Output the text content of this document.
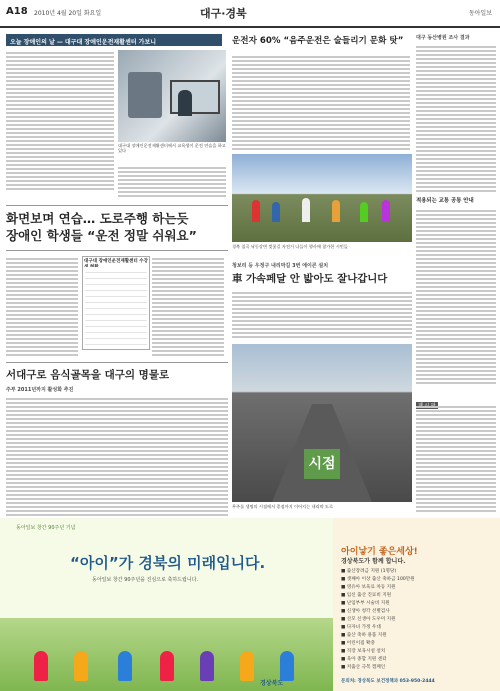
A18 2010년 4월 20일 화요일	대구·경북	동아일보
오늘 장애인의 날 — 대구대 장애인운전재활센터 가보니
대구대 장애인운전재활센터에서 교육생이 운전 연습을 하고 있다
화면보며 연습… 도로주행 하는듯
장애인 학생들 “운전 정말 쉬워요”
대구대 장애인운전재활센터 수강
서대구로 음식골목을 대구의 명물로
주부 2011년까지 활성화 추진
운전자 60% “음주운전은 술들리기 문화 탓”
경북 칠곡 낙동강변 벚꽃길 자전거 나들이 행사에 참가한 시민들
청보리 등 우정구 내리막길 3번 에이콘 설치
車 가속페달 안 밟아도 잘나갑니다
시점
무주를 생명의 시점에서 종점까지 이어지는 내리막 도로
대구 동산병원 조사 결과
적용되는 교통 공통 안내
동아일보 창간 90주년 기념
“아이”가 경북의 미래입니다.
동아일보 창간 90주년을 진심으로 축하드립니다.
경상북도
아이낳기 좋은세상!
경상북도가 함께 합니다.
■ 출산장려금 지원 (1명당)
■ 셋째아 이상 출산 축하금 100만원
■ 영유아 보육료 차등 지원
■ 임신 출산 진료비 지원
■ 난임부부 시술비 지원
■ 신생아 청각 선별검사
■ 산모 신생아 도우미 지원
■ 다자녀 가정 우대
■ 출산 축하 용품 지원
■ 어린이집 확충
■ 직장 보육시설 설치
■ 육아 종합 지원 센터
■ 저출산 극복 캠페인
문의처: 경상북도 보건정책과 053-950-2444
